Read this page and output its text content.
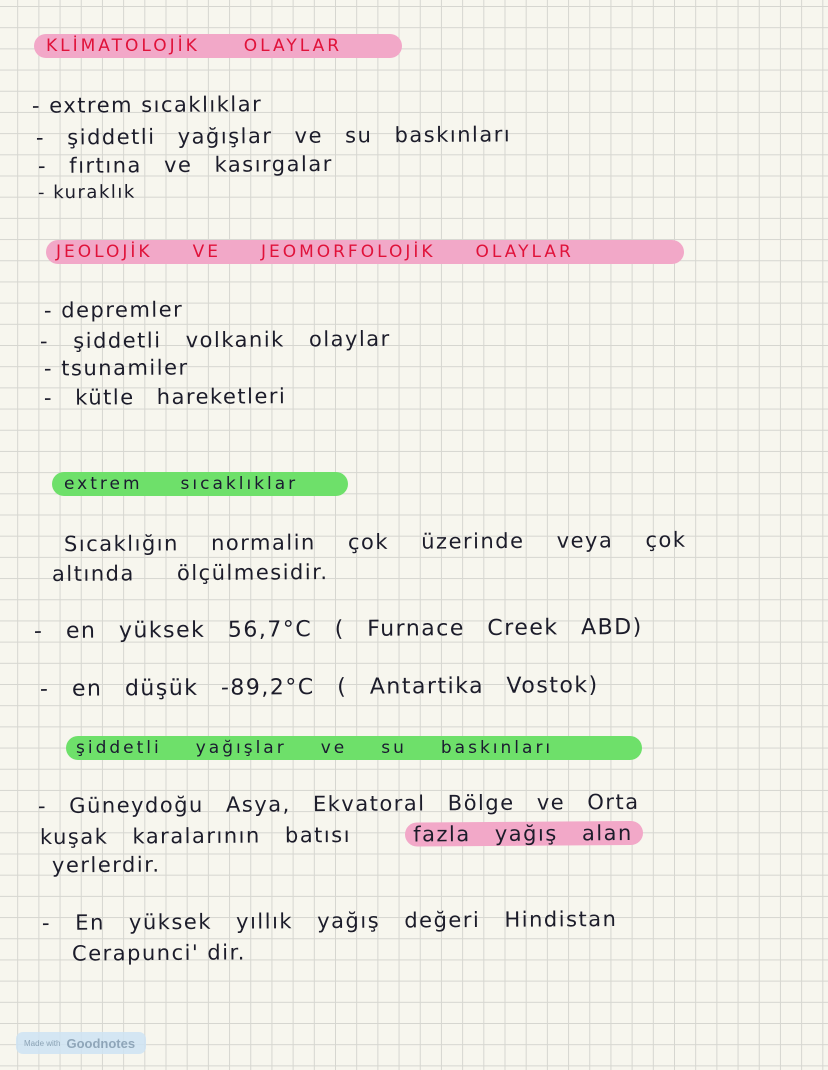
KLİMATOLOJİK	OLAYLAR
- extrem sıcaklıklar
- şiddetli yağışlar ve su baskınları
- fırtına ve kasırgalar
- kuraklık
JEOLOJİK VE JEOMORFOLOJİK OLAYLAR
- depremler
- şiddetli volkanik olaylar
- tsunamiler
- kütle hareketleri
extrem sıcaklıklar
Sıcaklığın normalin çok üzerinde veya çok
altında ölçülmesidir.
- en yüksek 56,7°C ( Furnace Creek ABD)
- en düşük -89,2°C ( Antartika Vostok)
şiddetli yağışlar ve su baskınları
- Güneydoğu Asya, Ekvatoral Bölge ve Orta
kuşak karalarının batısı	fazla yağış alan
yerlerdir.
- En yüksek yıllık yağış değeri Hindistan
Cerapunci' dir.
Made with Goodnotes
